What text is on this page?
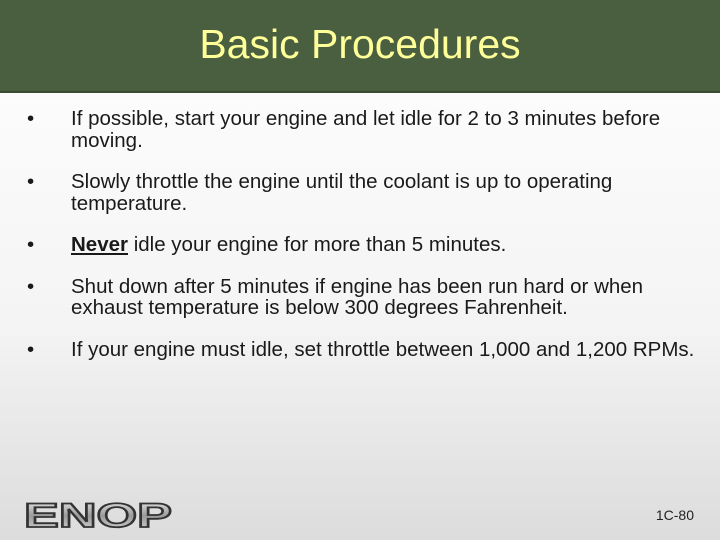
Basic Procedures
•	If possible, start your engine and let idle for 2 to 3 minutes before moving.
•	Slowly throttle the engine until the coolant is up to operating temperature.
•	Never idle your engine for more than 5 minutes.
•	Shut down after 5 minutes if engine has been run hard or when exhaust temperature is below 300 degrees Fahrenheit.
•	If your engine must idle, set throttle between 1,000 and 1,200 RPMs.
ENOP	1C-80
